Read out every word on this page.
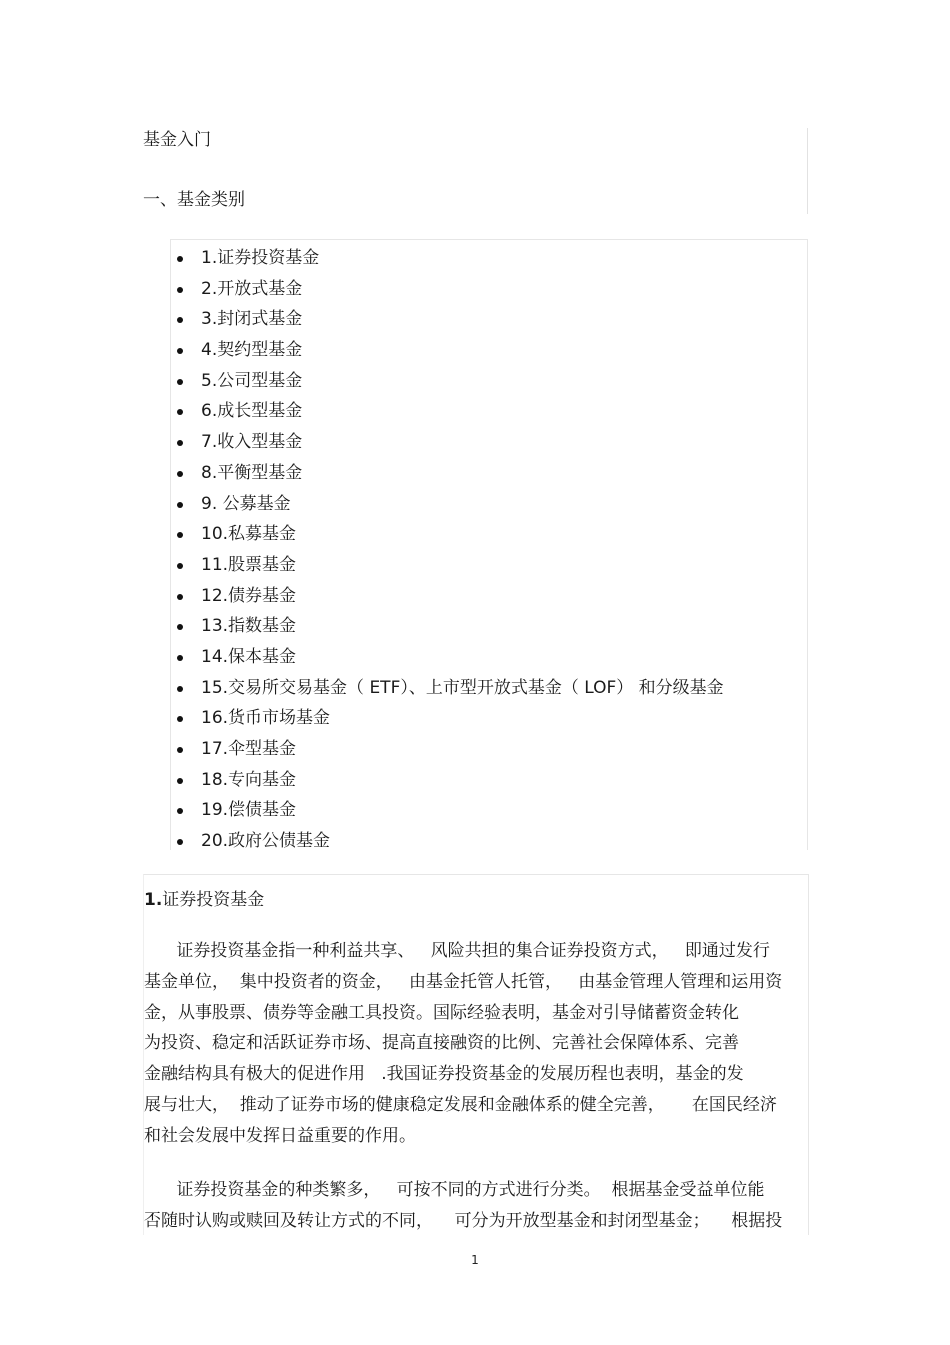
基金入门
一、基金类别
1.证券投资基金
2.开放式基金
3.封闭式基金
4.契约型基金
5.公司型基金
6.成长型基金
7.收入型基金
8.平衡型基金
9. 公募基金
10.私募基金
11.股票基金
12.债券基金
13.指数基金
14.保本基金
15.交易所交易基金（ ETF）、上市型开放式基金（ LOF） 和分级基金
16.货币市场基金
17.伞型基金
18.专向基金
19.偿债基金
20.政府公债基金
1.证券投资基金

证券投资基金指一种利益共享、   风险共担的集合证券投资方式，   即通过发行
基金单位，  集中投资者的资金，   由基金托管人托管，   由基金管理人管理和运用资
金，从事股票、债券等金融工具投资。国际经验表明，基金对引导储蓄资金转化
为投资、稳定和活跃证券市场、提高直接融资的比例、完善社会保障体系、完善
金融结构具有极大的促进作用   .我国证券投资基金的发展历程也表明，基金的发
展与壮大，  推动了证券市场的健康稳定发展和金融体系的健全完善，     在国民经济
和社会发展中发挥日益重要的作用。

证券投资基金的种类繁多，   可按不同的方式进行分类。  根据基金受益单位能
否随时认购或赎回及转让方式的不同，    可分为开放型基金和封闭型基金；    根据投

1
